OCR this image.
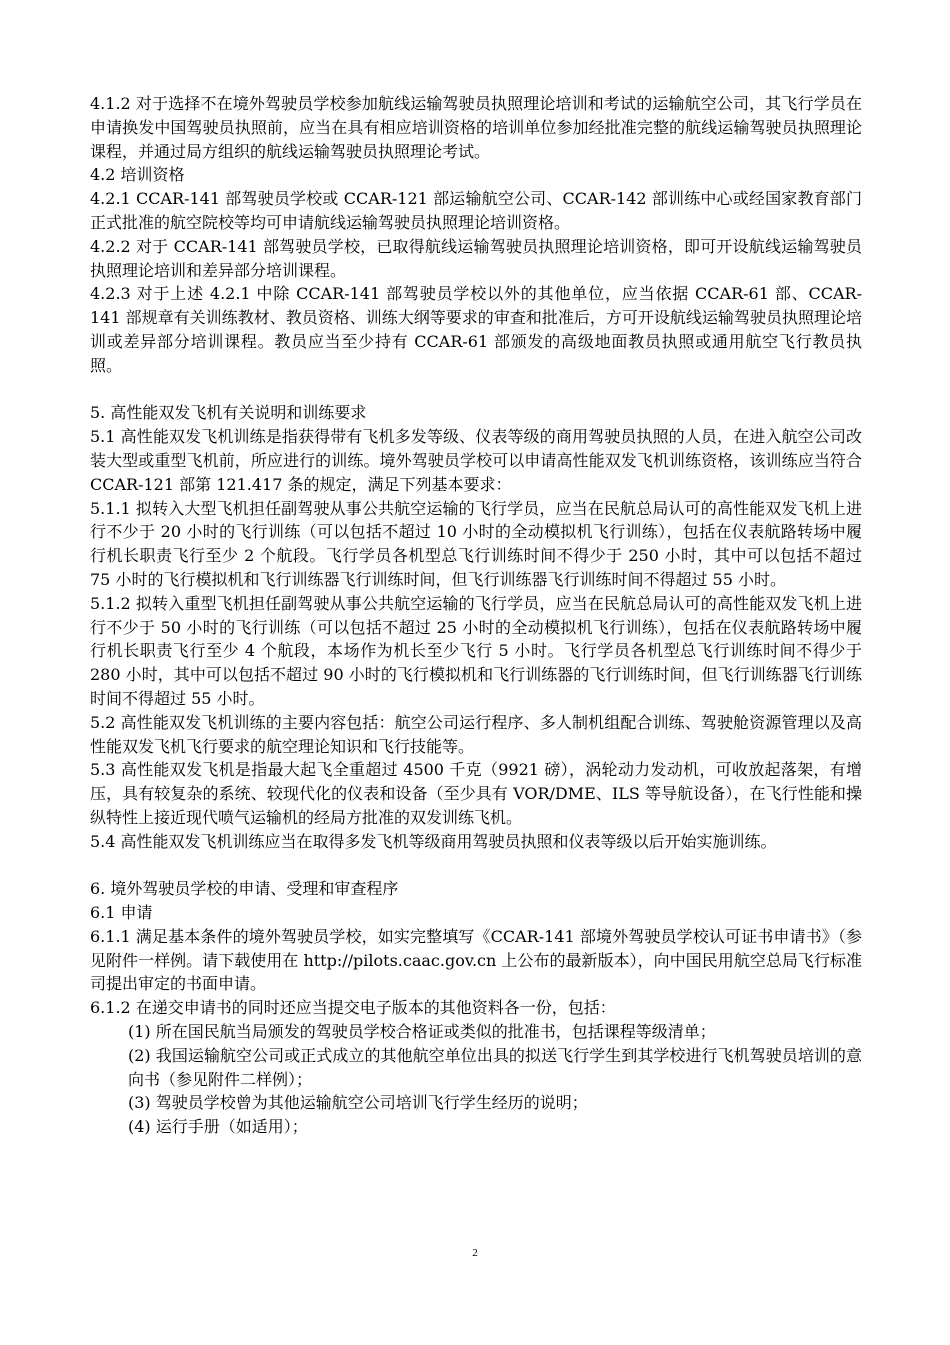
4.1.2 对于选择不在境外驾驶员学校参加航线运输驾驶员执照理论培训和考试的运输航空公司，其飞行学员在申请换发中国驾驶员执照前，应当在具有相应培训资格的培训单位参加经批准完整的航线运输驾驶员执照理论课程，并通过局方组织的航线运输驾驶员执照理论考试。

4.2 培训资格

4.2.1 CCAR-141 部驾驶员学校或 CCAR-121 部运输航空公司、CCAR-142 部训练中心或经国家教育部门正式批准的航空院校等均可申请航线运输驾驶员执照理论培训资格。

4.2.2 对于 CCAR-141 部驾驶员学校，已取得航线运输驾驶员执照理论培训资格，即可开设航线运输驾驶员执照理论培训和差异部分培训课程。

4.2.3 对于上述 4.2.1 中除 CCAR-141 部驾驶员学校以外的其他单位，应当依据 CCAR-61 部、CCAR-141 部规章有关训练教材、教员资格、训练大纲等要求的审查和批准后，方可开设航线运输驾驶员执照理论培训或差异部分培训课程。教员应当至少持有 CCAR-61 部颁发的高级地面教员执照或通用航空飞行教员执照。

5. 高性能双发飞机有关说明和训练要求

5.1 高性能双发飞机训练是指获得带有飞机多发等级、仪表等级的商用驾驶员执照的人员，在进入航空公司改装大型或重型飞机前，所应进行的训练。境外驾驶员学校可以申请高性能双发飞机训练资格，该训练应当符合 CCAR-121 部第 121.417 条的规定，满足下列基本要求：

5.1.1 拟转入大型飞机担任副驾驶从事公共航空运输的飞行学员，应当在民航总局认可的高性能双发飞机上进行不少于 20 小时的飞行训练（可以包括不超过 10 小时的全动模拟机飞行训练），包括在仪表航路转场中履行机长职责飞行至少 2 个航段。飞行学员各机型总飞行训练时间不得少于 250 小时，其中可以包括不超过 75 小时的飞行模拟机和飞行训练器飞行训练时间，但飞行训练器飞行训练时间不得超过 55 小时。

5.1.2 拟转入重型飞机担任副驾驶从事公共航空运输的飞行学员，应当在民航总局认可的高性能双发飞机上进行不少于 50 小时的飞行训练（可以包括不超过 25 小时的全动模拟机飞行训练），包括在仪表航路转场中履行机长职责飞行至少 4 个航段，本场作为机长至少飞行 5 小时。飞行学员各机型总飞行训练时间不得少于 280 小时，其中可以包括不超过 90 小时的飞行模拟机和飞行训练器的飞行训练时间，但飞行训练器飞行训练时间不得超过 55 小时。

5.2 高性能双发飞机训练的主要内容包括：航空公司运行程序、多人制机组配合训练、驾驶舱资源管理以及高性能双发飞机飞行要求的航空理论知识和飞行技能等。

5.3 高性能双发飞机是指最大起飞全重超过 4500 千克（9921 磅），涡轮动力发动机，可收放起落架，有增压，具有较复杂的系统、较现代化的仪表和设备（至少具有 VOR/DME、ILS 等导航设备），在飞行性能和操纵特性上接近现代喷气运输机的经局方批准的双发训练飞机。

5.4 高性能双发飞机训练应当在取得多发飞机等级商用驾驶员执照和仪表等级以后开始实施训练。

6. 境外驾驶员学校的申请、受理和审查程序

6.1 申请

6.1.1 满足基本条件的境外驾驶员学校，如实完整填写《CCAR-141 部境外驾驶员学校认可证书申请书》（参见附件一样例。请下载使用在 http://pilots.caac.gov.cn 上公布的最新版本），向中国民用航空总局飞行标准司提出审定的书面申请。

6.1.2 在递交申请书的同时还应当提交电子版本的其他资料各一份，包括：

(1) 所在国民航当局颁发的驾驶员学校合格证或类似的批准书，包括课程等级清单；

(2) 我国运输航空公司或正式成立的其他航空单位出具的拟送飞行学生到其学校进行飞机驾驶员培训的意向书（参见附件二样例）；

(3) 驾驶员学校曾为其他运输航空公司培训飞行学生经历的说明；

(4) 运行手册（如适用）；

2
